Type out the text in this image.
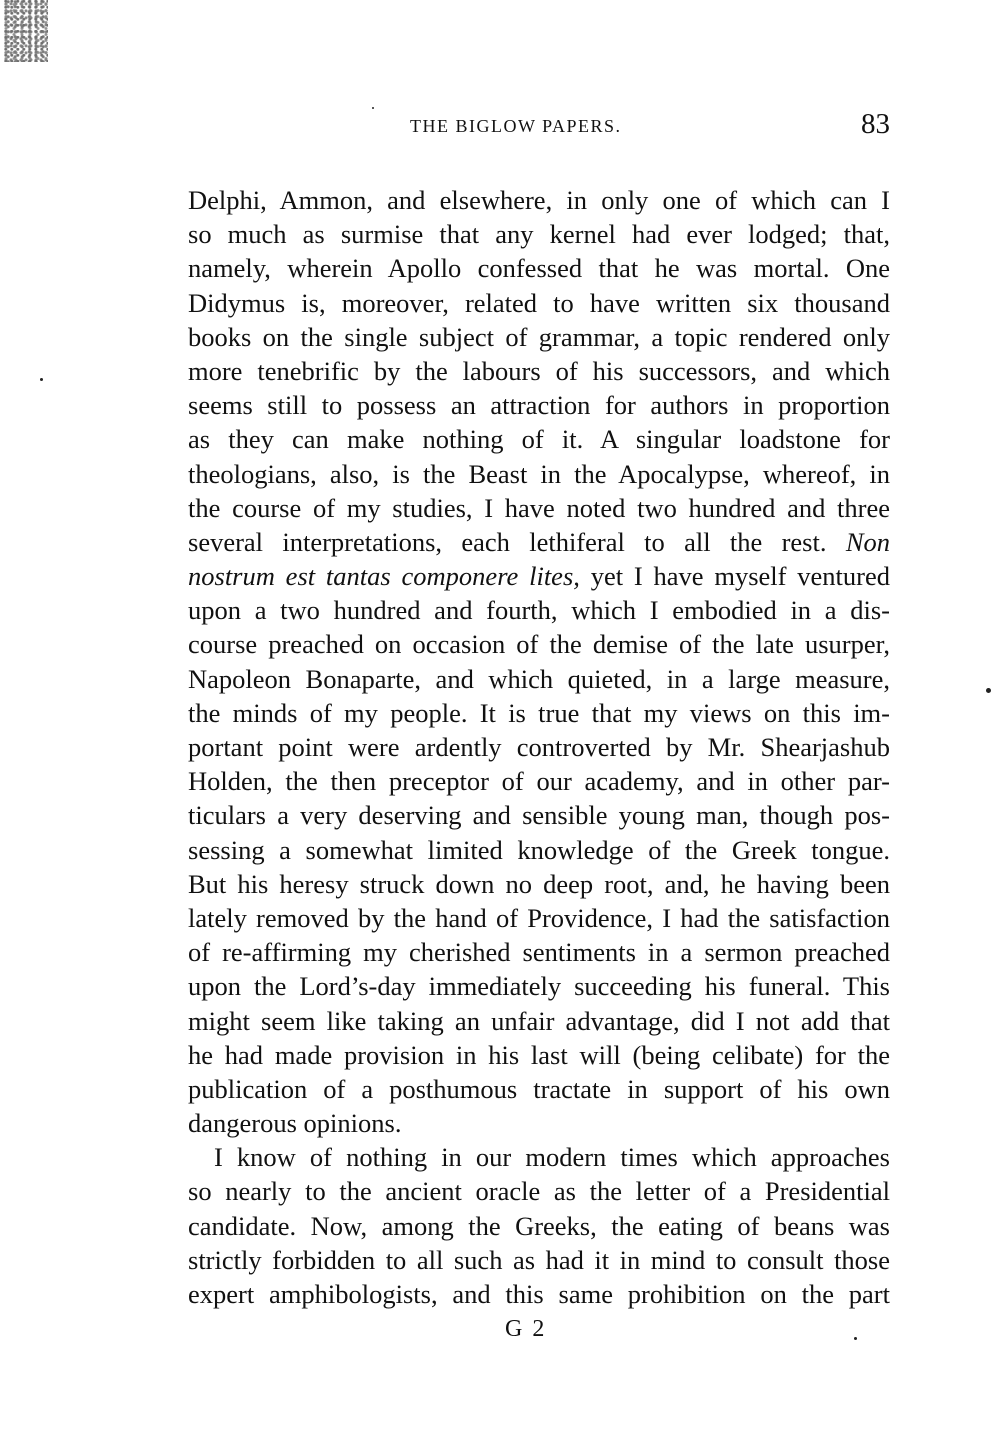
THE BIGLOW PAPERS.	83
Delphi, Ammon, and elsewhere, in only one of which can I
so much as surmise that any kernel had ever lodged; that,
namely, wherein Apollo confessed that he was mortal. One
Didymus is, moreover, related to have written six thousand
books on the single subject of grammar, a topic rendered only
more tenebrific by the labours of his successors, and which
seems still to possess an attraction for authors in proportion
as they can make nothing of it. A singular loadstone for
theologians, also, is the Beast in the Apocalypse, whereof, in
the course of my studies, I have noted two hundred and three
several interpretations, each lethiferal to all the rest. Non
nostrum est tantas componere lites, yet I have myself ventured
upon a two hundred and fourth, which I embodied in a dis-
course preached on occasion of the demise of the late usurper,
Napoleon Bonaparte, and which quieted, in a large measure,
the minds of my people. It is true that my views on this im-
portant point were ardently controverted by Mr. Shearjashub
Holden, the then preceptor of our academy, and in other par-
ticulars a very deserving and sensible young man, though pos-
sessing a somewhat limited knowledge of the Greek tongue.
But his heresy struck down no deep root, and, he having been
lately removed by the hand of Providence, I had the satisfaction
of re-affirming my cherished sentiments in a sermon preached
upon the Lord’s-day immediately succeeding his funeral. This
might seem like taking an unfair advantage, did I not add that
he had made provision in his last will (being celibate) for the
publication of a posthumous tractate in support of his own
dangerous opinions.
I know of nothing in our modern times which approaches
so nearly to the ancient oracle as the letter of a Presidential
candidate. Now, among the Greeks, the eating of beans was
strictly forbidden to all such as had it in mind to consult those
expert amphibologists, and this same prohibition on the part
G 2
